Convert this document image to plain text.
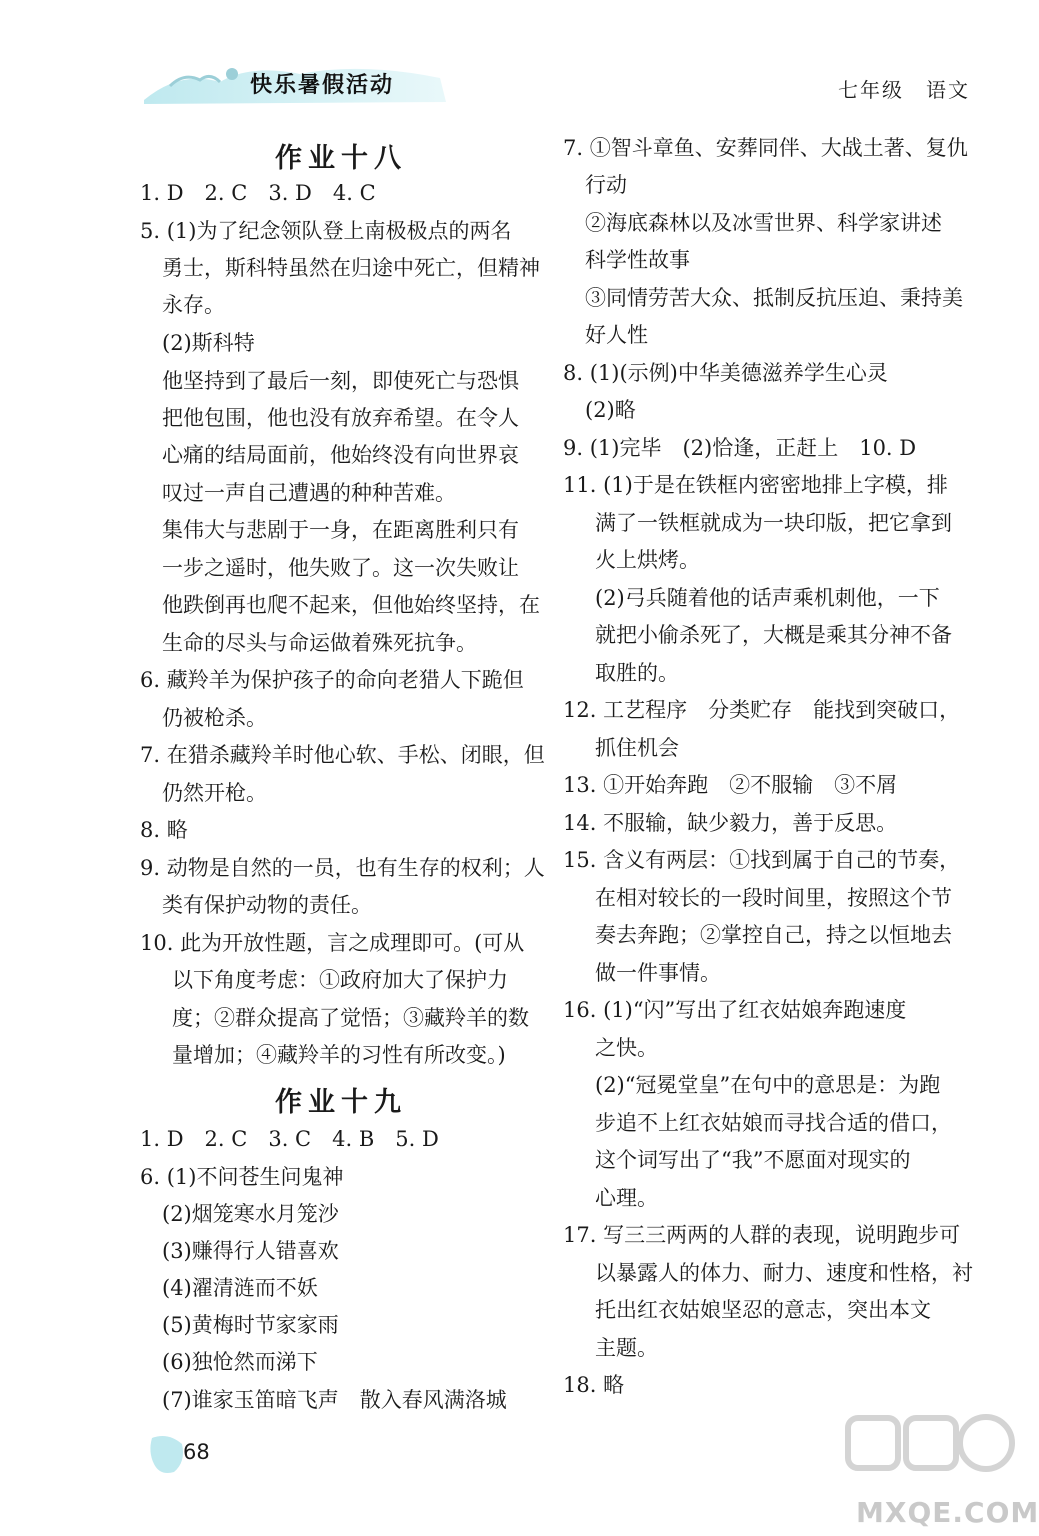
快乐暑假活动	七年级　语文
作业十八
1. D　2. C　3. D　4. C
5. (1)为了纪念领队登上南极极点的两名
勇士，斯科特虽然在归途中死亡，但精神
永存。
(2)斯科特
他坚持到了最后一刻，即使死亡与恐惧
把他包围，他也没有放弃希望。在令人
心痛的结局面前，他始终没有向世界哀
叹过一声自己遭遇的种种苦难。
集伟大与悲剧于一身，在距离胜利只有
一步之遥时，他失败了。这一次失败让
他跌倒再也爬不起来，但他始终坚持，在
生命的尽头与命运做着殊死抗争。
6. 藏羚羊为保护孩子的命向老猎人下跪但
仍被枪杀。
7. 在猎杀藏羚羊时他心软、手松、闭眼，但
仍然开枪。
8. 略
9. 动物是自然的一员，也有生存的权利；人
类有保护动物的责任。
10. 此为开放性题，言之成理即可。(可从
以下角度考虑：①政府加大了保护力
度；②群众提高了觉悟；③藏羚羊的数
量增加；④藏羚羊的习性有所改变。)
作业十九
1. D　2. C　3. C　4. B　5. D
6. (1)不问苍生问鬼神
(2)烟笼寒水月笼沙
(3)赚得行人错喜欢
(4)濯清涟而不妖
(5)黄梅时节家家雨
(6)独怆然而涕下
(7)谁家玉笛暗飞声　散入春风满洛城
7. ①智斗章鱼、安葬同伴、大战土著、复仇
行动
②海底森林以及冰雪世界、科学家讲述
科学性故事
③同情劳苦大众、抵制反抗压迫、秉持美
好人性
8. (1)(示例)中华美德滋养学生心灵
(2)略
9. (1)完毕　(2)恰逢，正赶上　10. D
11. (1)于是在铁框内密密地排上字模，排
满了一铁框就成为一块印版，把它拿到
火上烘烤。
(2)弓兵随着他的话声乘机刺他，一下
就把小偷杀死了，大概是乘其分神不备
取胜的。
12. 工艺程序　分类贮存　能找到突破口，
抓住机会
13. ①开始奔跑　②不服输　③不屑
14. 不服输，缺少毅力，善于反思。
15. 含义有两层：①找到属于自己的节奏，
在相对较长的一段时间里，按照这个节
奏去奔跑；②掌控自己，持之以恒地去
做一件事情。
16. (1)“闪”写出了红衣姑娘奔跑速度
之快。
(2)“冠冕堂皇”在句中的意思是：为跑
步追不上红衣姑娘而寻找合适的借口，
这个词写出了“我”不愿面对现实的
心理。
17. 写三三两两的人群的表现，说明跑步可
以暴露人的体力、耐力、速度和性格，衬
托出红衣姑娘坚忍的意志，突出本文
主题。
18. 略
68
MXQE.COM
